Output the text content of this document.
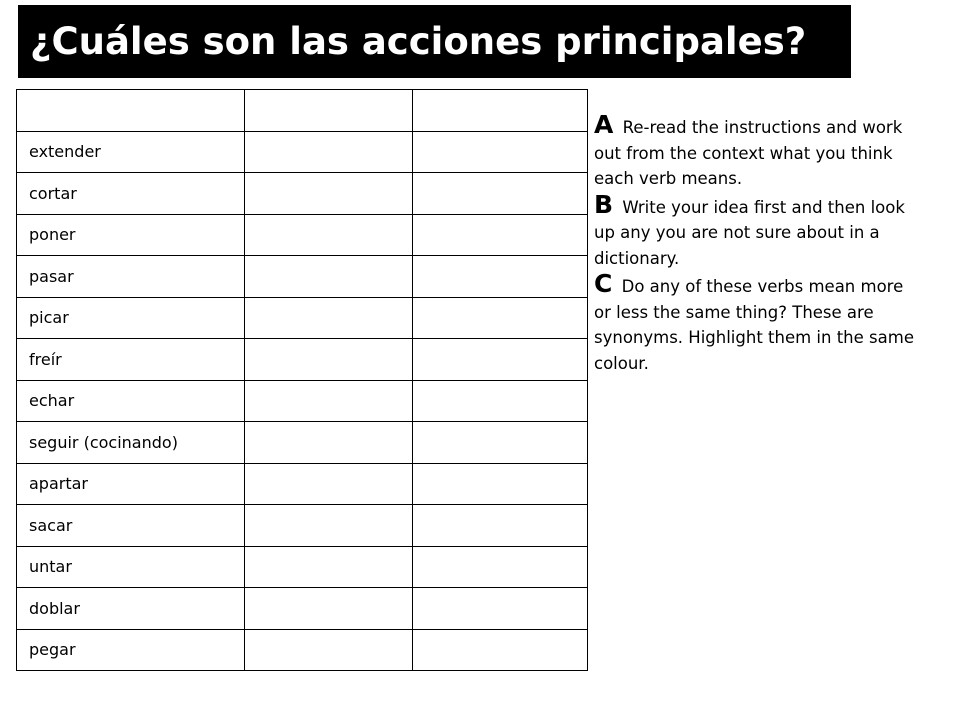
¿Cuáles son las acciones principales?

extender		
cortar		
poner		
pasar		
picar		
freír		
echar		
seguir (cocinando)		
apartar		
sacar		
untar		
doblar		
pegar		

A Re-read the instructions and work out from the context what you think each verb means.

B Write your idea first and then look up any you are not sure about in a dictionary.

C Do any of these verbs mean more or less the same thing? These are synonyms. Highlight them in the same colour.
